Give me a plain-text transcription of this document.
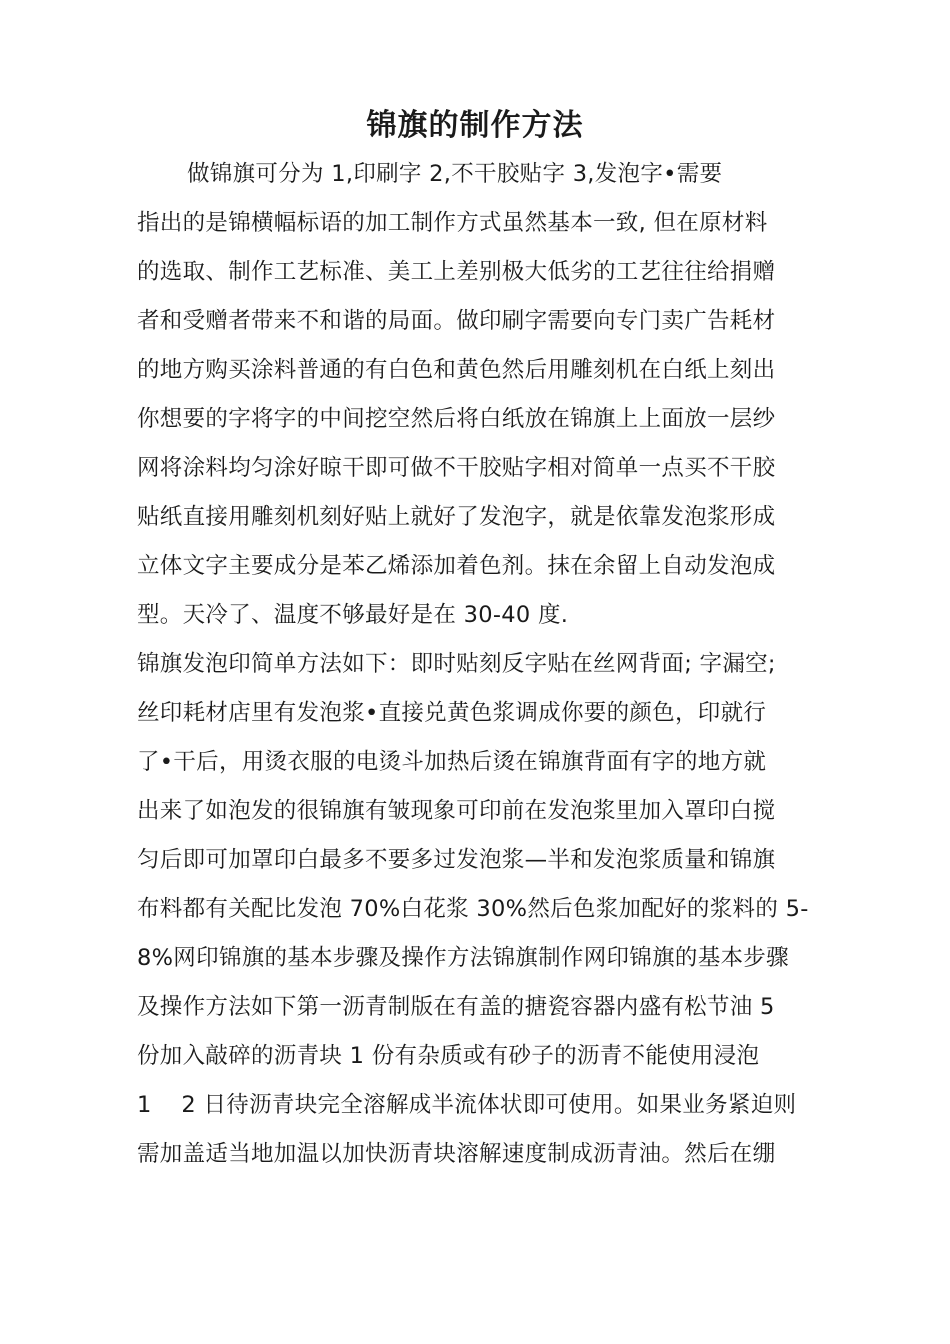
锦旗的制作方法
做锦旗可分为 1,印刷字 2,不干胶贴字 3,发泡字•需要
指出的是锦横幅标语的加工制作方式虽然基本一致, 但在原材料
的选取、制作工艺标准、美工上差别极大低劣的工艺往往给捐赠
者和受赠者带来不和谐的局面。做印刷字需要向专门卖广告耗材
的地方购买涂料普通的有白色和黄色然后用雕刻机在白纸上刻出
你想要的字将字的中间挖空然后将白纸放在锦旗上上面放一层纱
网将涂料均匀涂好晾干即可做不干胶贴字相对简单一点买不干胶
贴纸直接用雕刻机刻好贴上就好了发泡字，就是依靠发泡浆形成
立体文字主要成分是苯乙烯添加着色剂。抹在余留上自动发泡成
型。天冷了、温度不够最好是在 30-40 度.
锦旗发泡印简单方法如下：即时贴刻反字贴在丝网背面; 字漏空;
丝印耗材店里有发泡浆•直接兑黄色浆调成你要的颜色，印就行
了•干后，用烫衣服的电烫斗加热后烫在锦旗背面有字的地方就
出来了如泡发的很锦旗有皱现象可印前在发泡浆里加入罩印白搅
匀后即可加罩印白最多不要多过发泡浆—半和发泡浆质量和锦旗
布料都有关配比发泡 70%白花浆 30%然后色浆加配好的浆料的 5-
8%网印锦旗的基本步骤及操作方法锦旗制作网印锦旗的基本步骤
及操作方法如下第一沥青制版在有盖的搪瓷容器内盛有松节油 5
份加入敲碎的沥青块 1 份有杂质或有砂子的沥青不能使用浸泡
1    2 日待沥青块完全溶解成半流体状即可使用。如果业务紧迫则
需加盖适当地加温以加快沥青块溶解速度制成沥青油。然后在绷
